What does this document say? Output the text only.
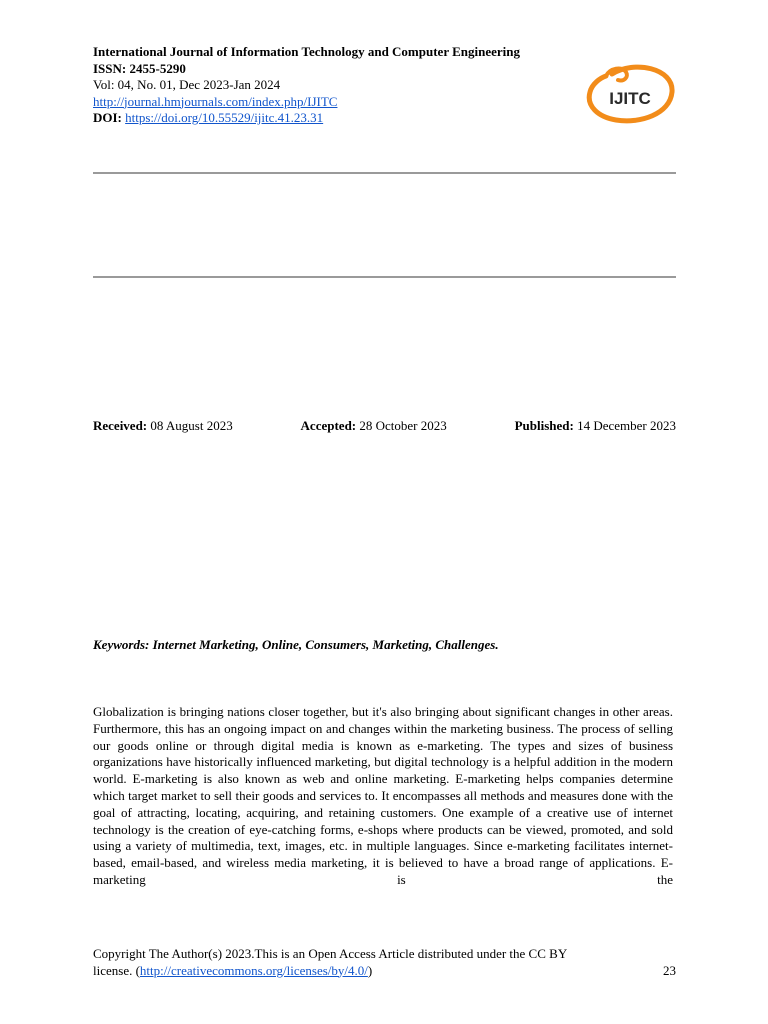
International Journal of Information Technology and Computer Engineering
ISSN: 2455-5290
Vol: 04, No. 01, Dec 2023-Jan 2024
http://journal.hmjournals.com/index.php/IJITC
DOI: https://doi.org/10.55529/ijitc.41.23.31
IJITC
Received: 08 August 2023	Accepted: 28 October 2023	Published: 14 December 2023
Keywords: Internet Marketing, Online, Consumers, Marketing, Challenges.

Globalization is bringing nations closer together, but it's also bringing about significant changes in other areas. Furthermore, this has an ongoing impact on and changes within the marketing business. The process of selling our goods online or through digital media is known as e-marketing. The types and sizes of business organizations have historically influenced marketing, but digital technology is a helpful addition in the modern world. E-marketing is also known as web and online marketing. E-marketing helps companies determine which target market to sell their goods and services to. It encompasses all methods and measures done with the goal of attracting, locating, acquiring, and retaining customers. One example of a creative use of internet technology is the creation of eye-catching forms, e-shops where products can be viewed, promoted, and sold using a variety of multimedia, text, images, etc. in multiple languages. Since e-marketing facilitates internet-based, email-based, and wireless media marketing, it is believed to have a broad range of applications. E-marketing is the

Copyright The Author(s) 2023.This is an Open Access Article distributed under the CC BY
license. (http://creativecommons.org/licenses/by/4.0/)	23
